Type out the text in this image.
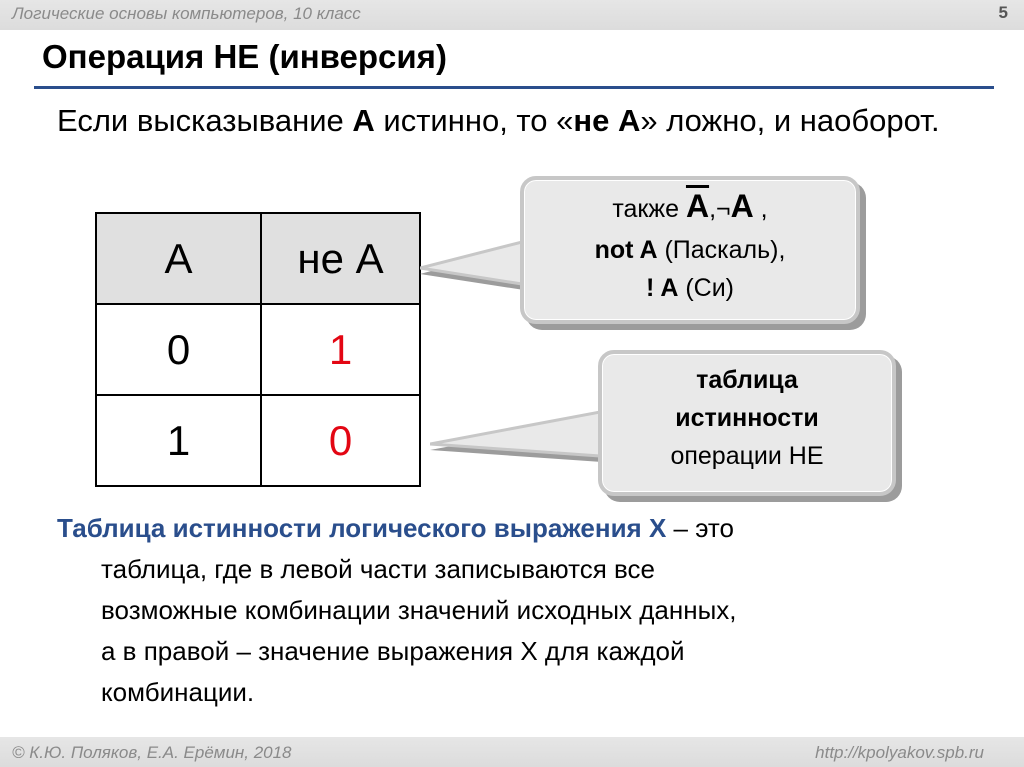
Логические основы компьютеров, 10 класс	5
Операция НЕ (инверсия)
Если высказывание A истинно, то «не A» ложно, и наоборот.
A	не A
0	1
1	0
также $\overline{A},\neg A$ ,
not A (Паскаль),
! A (Си)
таблица
истинности
операции НЕ
Таблица истинности логического выражения X – это
таблица, где в левой части записываются все
возможные комбинации значений исходных данных,
а в правой – значение выражения X для каждой
комбинации.
© К.Ю. Поляков, Е.А. Ерёмин, 2018	http://kpolyakov.spb.ru
